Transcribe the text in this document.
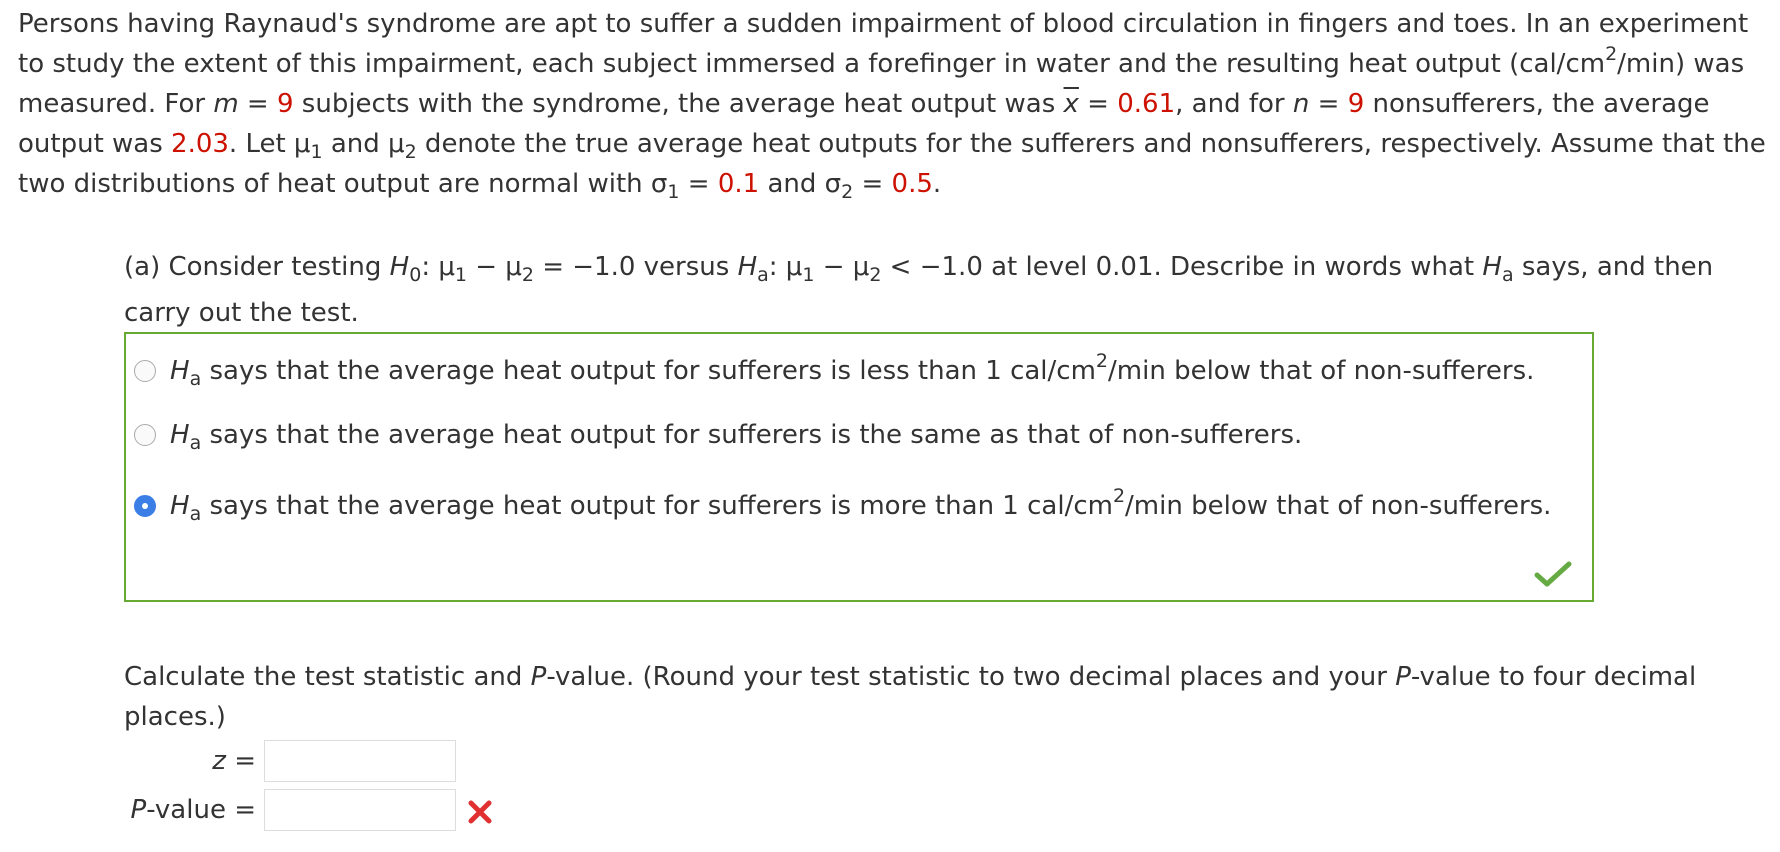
Persons having Raynaud's syndrome are apt to suffer a sudden impairment of blood circulation in fingers and toes. In an experiment to study the extent of this impairment, each subject immersed a forefinger in water and the resulting heat output $(cal/cm^2/\min)$ was measured. For m = 9 subjects with the syndrome, the average heat output was $\overline{x} = 0.61$, and for n = 9 nonsufferers, the average output was 2.03. Let $\mu_1$ and $\mu_2$ denote the true average heat outputs for the sufferers and nonsufferers, respectively. Assume that the two distributions of heat output are normal with $\sigma_1 = 0.1$ and $\sigma_2 = 0.5$.

(a) Consider testing $H_0$: $\mu_1 - \mu_2 = -1.0$ versus $H_a$: $\mu_1 - \mu_2 < -1.0$ at level 0.01. Describe in words what $H_a$ says, and then carry out the test.
$H_a$ says that the average heat output for sufferers is less than 1 cal/$cm^2/\min$ below that of non-sufferers.
$H_a$ says that the average heat output for sufferers is the same as that of non-sufferers.
$H_a$ says that the average heat output for sufferers is more than 1 cal/$cm^2/\min$ below that of non-sufferers.
Calculate the test statistic and P-value. (Round your test statistic to two decimal places and your P-value to four decimal places.)
z =
P-value =
